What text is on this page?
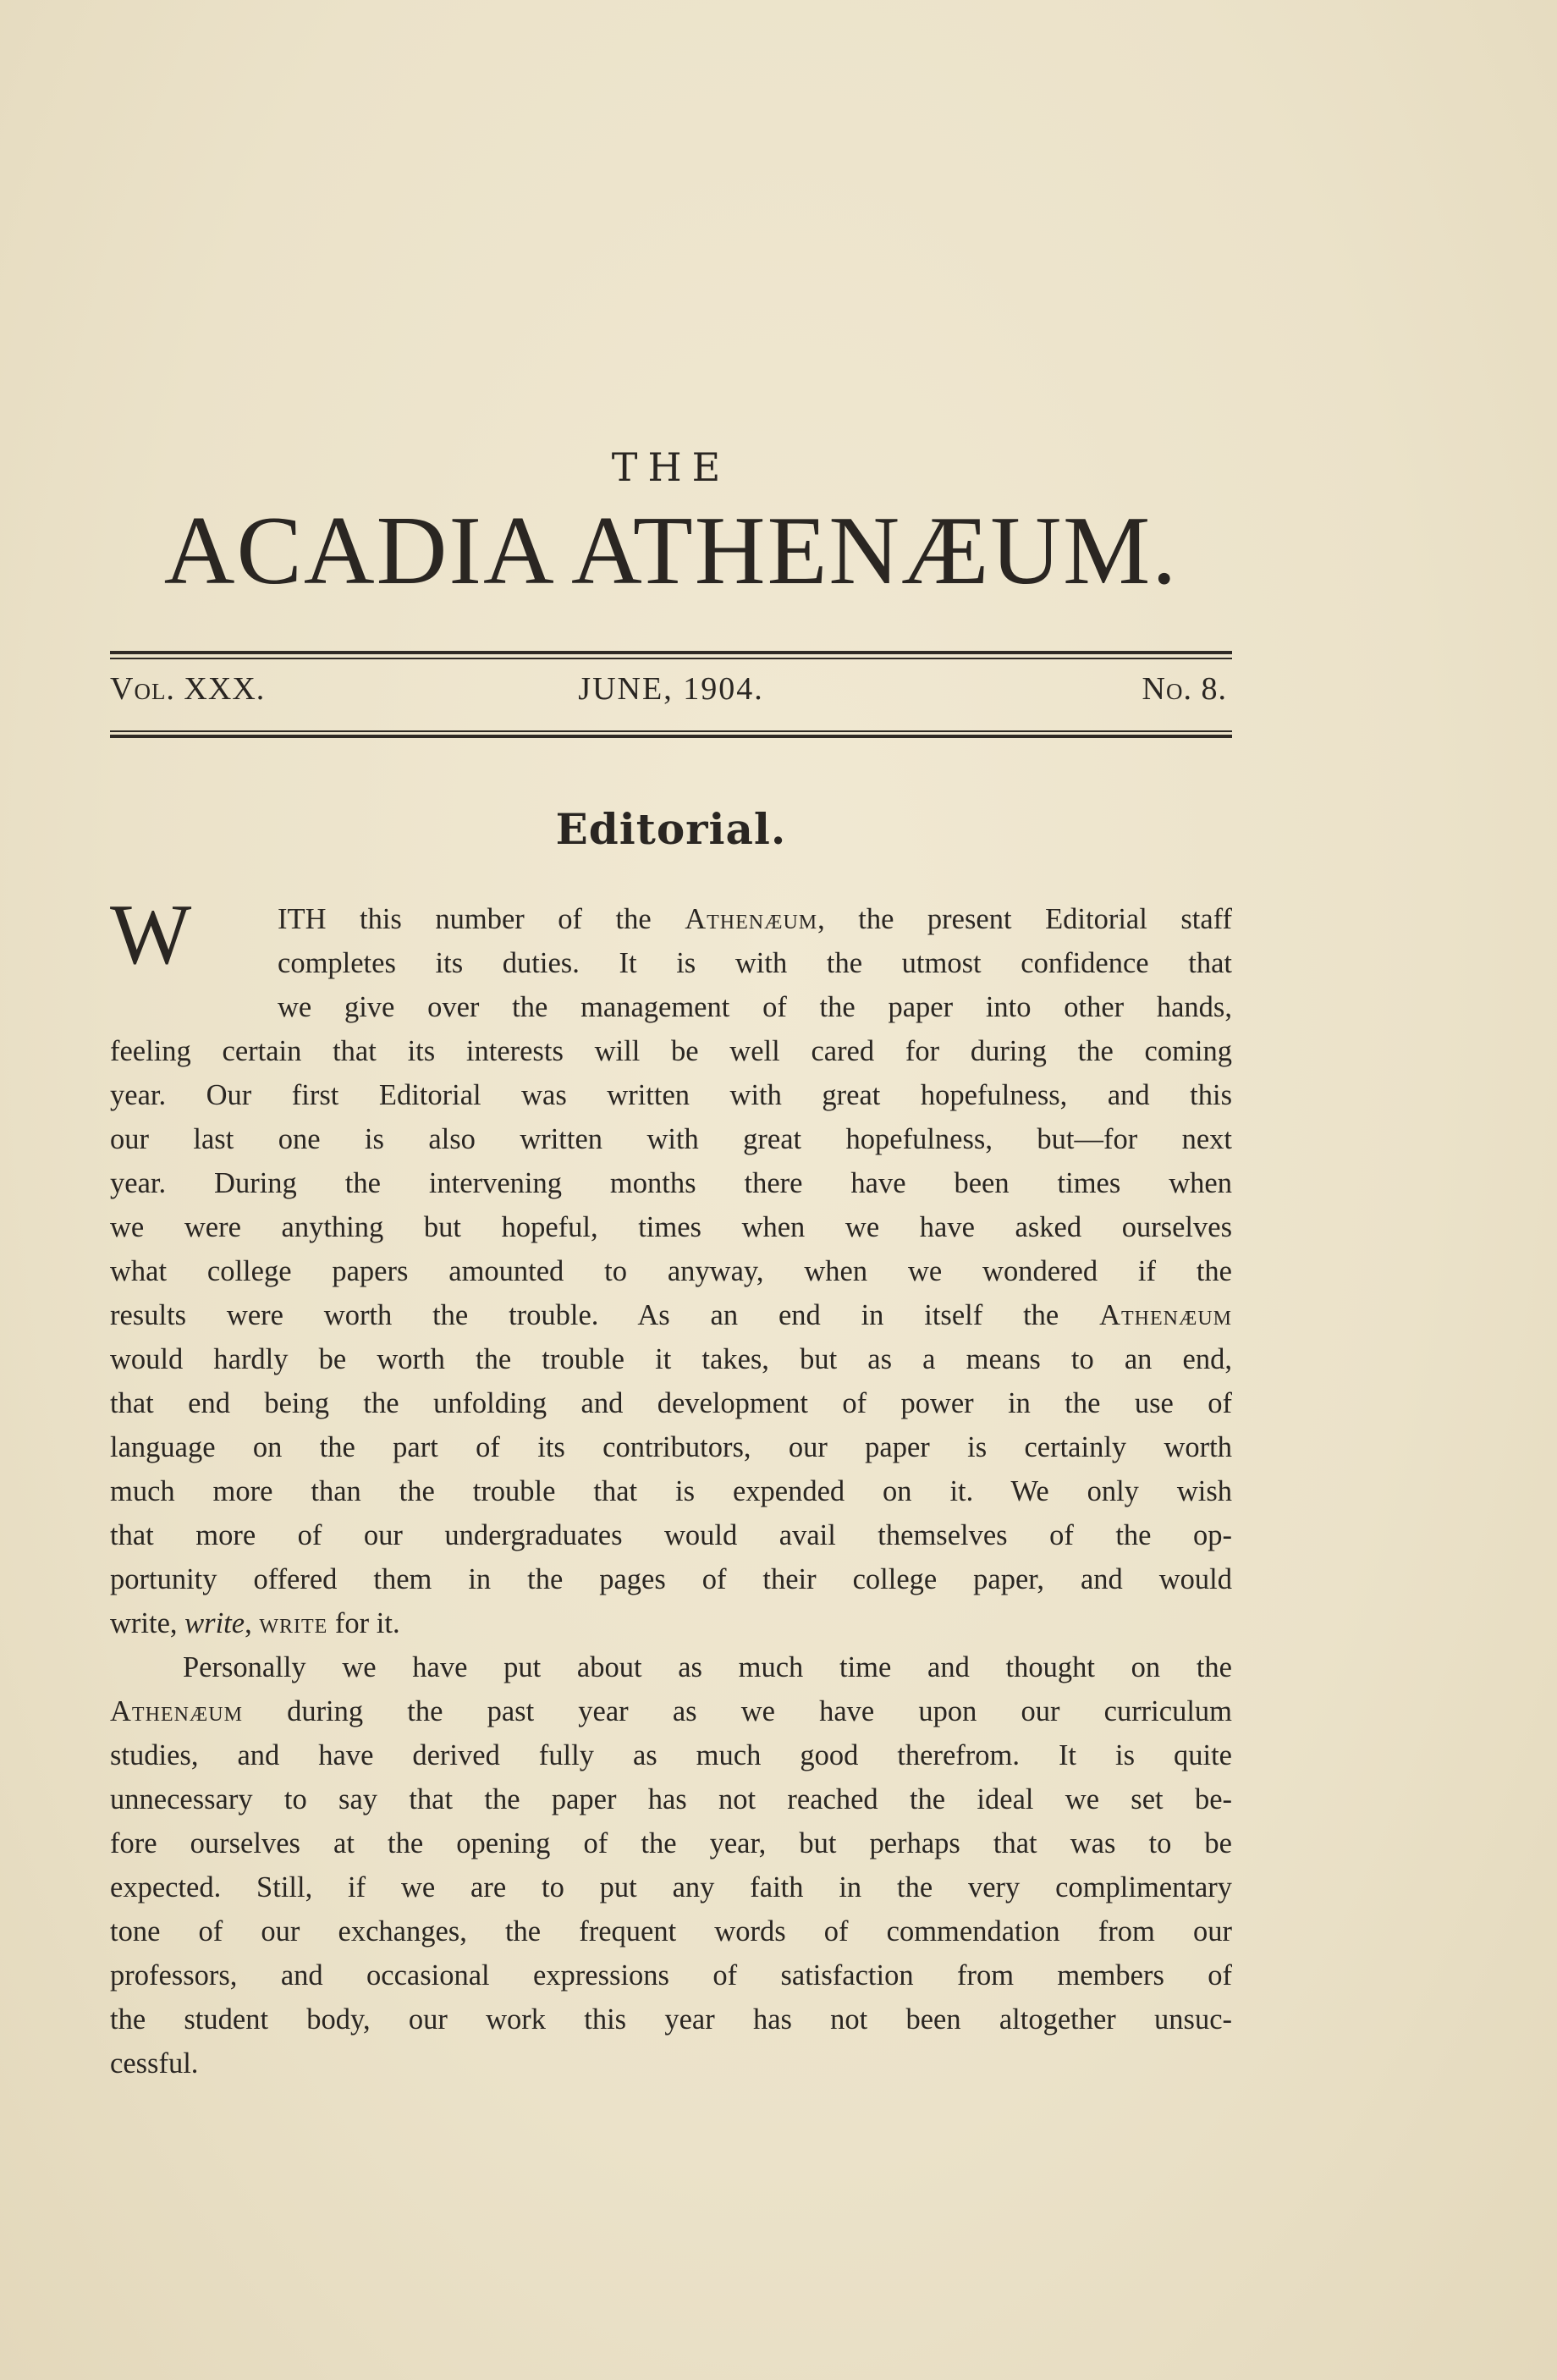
THE
ACADIA ATHENÆUM.
Vol. XXX.	JUNE, 1904.	No. 8.
Editorial.
W	ITH this number of the Athenæum, the present Editorial staff
completes its duties. It is with the utmost confidence that
we give over the management of the paper into other hands,
feeling certain that its interests will be well cared for during the coming
year. Our first Editorial was written with great hopefulness, and this
our last one is also written with great hopefulness, but—for next
year. During the intervening months there have been times when
we were anything but hopeful, times when we have asked ourselves
what college papers amounted to anyway, when we wondered if the
results were worth the trouble. As an end in itself the Athenæum
would hardly be worth the trouble it takes, but as a means to an end,
that end being the unfolding and development of power in the use of
language on the part of its contributors, our paper is certainly worth
much more than the trouble that is expended on it. We only wish
that more of our undergraduates would avail themselves of the op-
portunity offered them in the pages of their college paper, and would
write, write, write for it.
Personally we have put about as much time and thought on the
Athenæum during the past year as we have upon our curriculum
studies, and have derived fully as much good therefrom. It is quite
unnecessary to say that the paper has not reached the ideal we set be-
fore ourselves at the opening of the year, but perhaps that was to be
expected. Still, if we are to put any faith in the very complimentary
tone of our exchanges, the frequent words of commendation from our
professors, and occasional expressions of satisfaction from members of
the student body, our work this year has not been altogether unsuc-
cessful.
